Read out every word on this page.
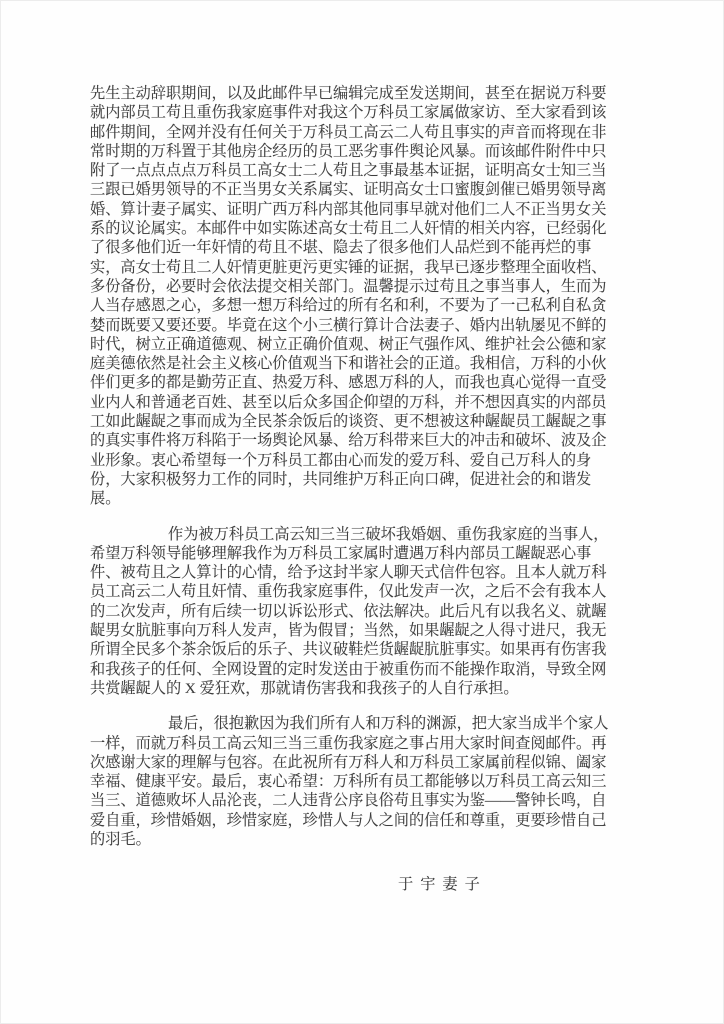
先生主动辞职期间，以及此邮件早已编辑完成至发送期间，甚至在据说万科要
就内部员工苟且重伤我家庭事件对我这个万科员工家属做家访、至大家看到该
邮件期间，全网并没有任何关于万科员工高云二人苟且事实的声音而将现在非
常时期的万科置于其他房企经历的员工恶劣事件舆论风暴。而该邮件附件中只
附了一点点点点万科员工高女士二人苟且之事最基本证据，证明高女士知三当
三跟已婚男领导的不正当男女关系属实、证明高女士口蜜腹剑催已婚男领导离
婚、算计妻子属实、证明广西万科内部其他同事早就对他们二人不正当男女关
系的议论属实。本邮件中如实陈述高女士苟且二人奸情的相关内容，已经弱化
了很多他们近一年奸情的苟且不堪、隐去了很多他们人品烂到不能再烂的事
实，高女士苟且二人奸情更脏更污更实锤的证据，我早已逐步整理全面收档、
多份备份，必要时会依法提交相关部门。温馨提示过苟且之事当事人，生而为
人当存感恩之心，多想一想万科给过的所有名和利，不要为了一己私利自私贪
婪而既要又要还要。毕竟在这个小三横行算计合法妻子、婚内出轨屡见不鲜的
时代，树立正确道德观、树立正确价值观、树正气强作风、维护社会公德和家
庭美德依然是社会主义核心价值观当下和谐社会的正道。我相信，万科的小伙
伴们更多的都是勤劳正直、热爱万科、感恩万科的人，而我也真心觉得一直受
业内人和普通老百姓、甚至以后众多国企仰望的万科，并不想因真实的内部员
工如此龌龊之事而成为全民茶余饭后的谈资、更不想被这种龌龊员工龌龊之事
的真实事件将万科陷于一场舆论风暴、给万科带来巨大的冲击和破坏、波及企
业形象。衷心希望每一个万科员工都由心而发的爱万科、爱自己万科人的身
份，大家积极努力工作的同时，共同维护万科正向口碑，促进社会的和谐发
展。
作为被万科员工高云知三当三破坏我婚姻、重伤我家庭的当事人，
希望万科领导能够理解我作为万科员工家属时遭遇万科内部员工龌龊恶心事
件、被苟且之人算计的心情，给予这封半家人聊天式信件包容。且本人就万科
员工高云二人苟且奸情、重伤我家庭事件，仅此发声一次，之后不会有我本人
的二次发声，所有后续一切以诉讼形式、依法解决。此后凡有以我名义、就龌
龊男女肮脏事向万科人发声，皆为假冒；当然，如果龌龊之人得寸进尺，我无
所谓全民多个茶余饭后的乐子、共议破鞋烂货龌龊肮脏事实。如果再有伤害我
和我孩子的任何、全网设置的定时发送由于被重伤而不能操作取消，导致全网
共赏龌龊人的 X 爱狂欢，那就请伤害我和我孩子的人自行承担。
最后，很抱歉因为我们所有人和万科的渊源，把大家当成半个家人
一样，而就万科员工高云知三当三重伤我家庭之事占用大家时间查阅邮件。再
次感谢大家的理解与包容。在此祝所有万科人和万科员工家属前程似锦、阖家
幸福、健康平安。最后，衷心希望：万科所有员工都能够以万科员工高云知三
当三、道德败坏人品沦丧，二人违背公序良俗苟且事实为鉴——警钟长鸣，自
爱自重，珍惜婚姻，珍惜家庭，珍惜人与人之间的信任和尊重，更要珍惜自己
的羽毛。
于宇妻子
